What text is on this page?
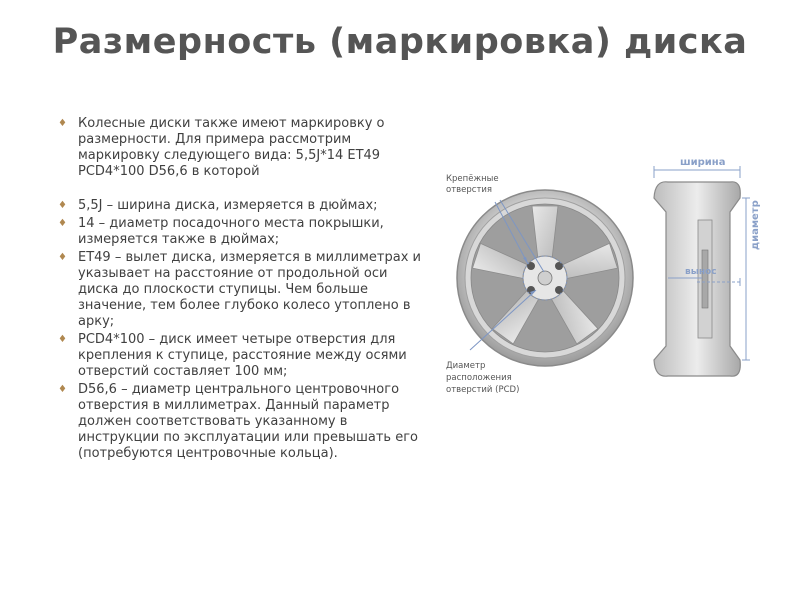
Размерность (маркировка) диска
♦ Колесные диски также имеют маркировку о размерности. Для примера рассмотрим маркировку следующего вида: 5,5J*14 ET49 PCD4*100 D56,6 в которой
♦ 5,5J – ширина диска, измеряется в дюймах;
♦ 14 – диаметр посадочного места покрышки, измеряется также в дюймах;
♦ ET49 – вылет диска, измеряется в миллиметрах и указывает на расстояние от продольной оси диска до плоскости ступицы. Чем больше значение, тем более глубоко колесо утоплено в арку;
♦ PCD4*100 – диск имеет четыре отверстия для крепления к ступице, расстояние между осями отверстий составляет 100 мм;
♦ D56,6 – диаметр центрального центровочного отверстия в миллиметрах. Данный параметр должен соответствовать указанному в инструкции по эксплуатации или превышать его (потребуются центровочные кольца).
Крепёжные
отверстия
Диаметр
расположения
отверстий (PCD)
ширина
диаметр
вынос
